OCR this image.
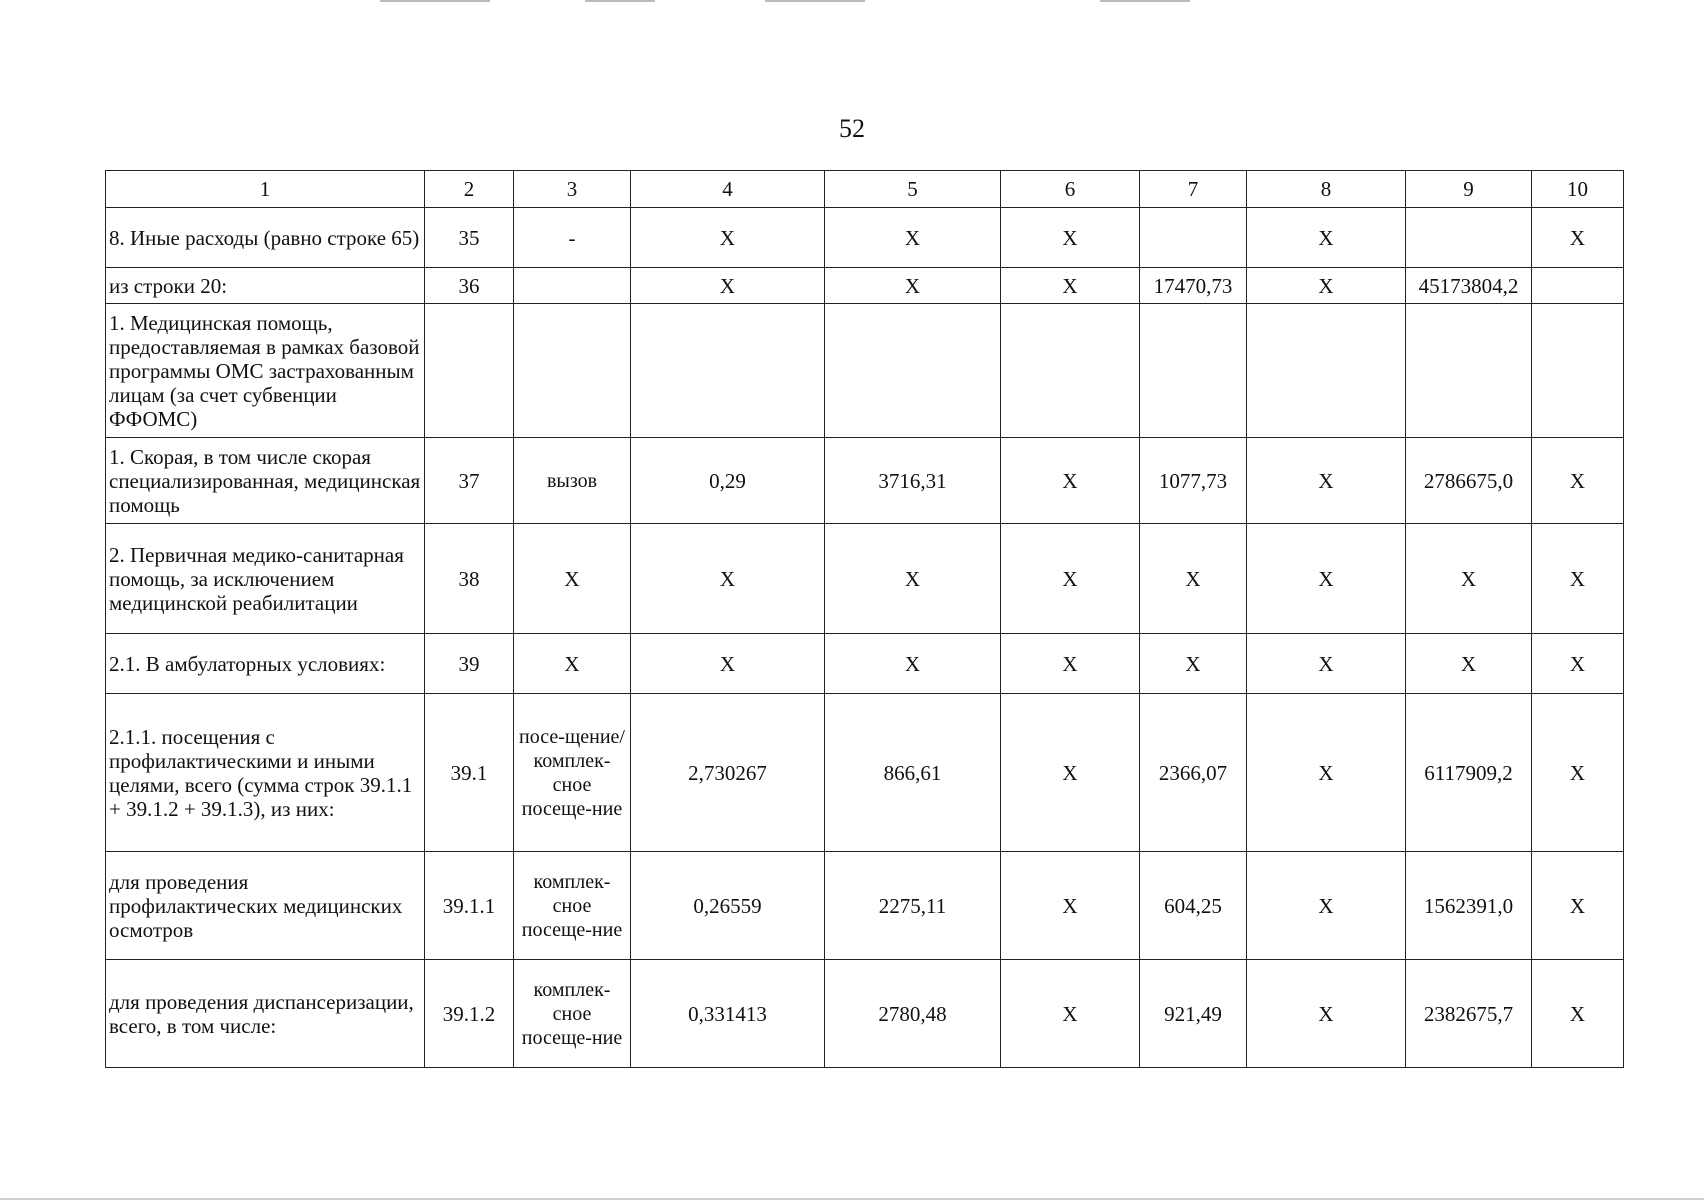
52
1	2	3	4	5	6	7	8	9	10
8. Иные расходы (равно строке 65)	35	-	Х	Х	Х		Х		Х
из строки 20:	36		Х	Х	Х	17470,73	Х	45173804,2	
1. Медицинская помощь, предоставляемая в рамках базовой программы ОМС застрахованным лицам (за счет субвенции ФФОМС)									
1. Скорая, в том числе скорая специализированная, медицинская помощь	37	вызов	0,29	3716,31	Х	1077,73	Х	2786675,0	Х
2. Первичная медико-санитарная помощь, за исключением медицинской реабилитации	38	Х	Х	Х	Х	Х	Х	Х	Х
2.1. В амбулаторных условиях:	39	Х	Х	Х	Х	Х	Х	Х	Х
2.1.1. посещения с профилактическими и иными целями, всего (сумма строк 39.1.1 + 39.1.2 + 39.1.3), из них:	39.1	посе-щение/ комплек-сное посеще-ние	2,730267	866,61	Х	2366,07	Х	6117909,2	Х
для проведения профилактических медицинских осмотров	39.1.1	комплек-сное посеще-ние	0,26559	2275,11	Х	604,25	Х	1562391,0	Х
для проведения диспансеризации, всего, в том числе:	39.1.2	комплек-сное посеще-ние	0,331413	2780,48	Х	921,49	Х	2382675,7	Х
